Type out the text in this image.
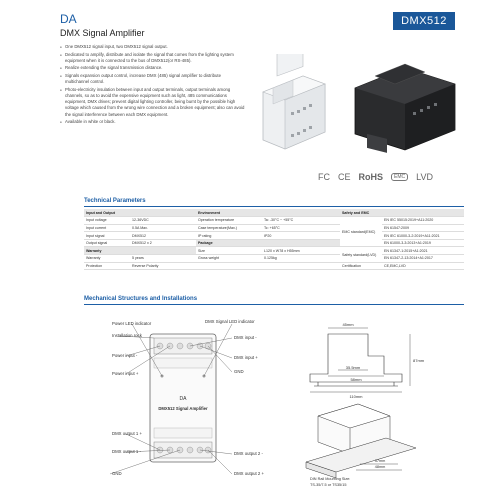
DA
DMX Signal Amplifier
DMX512
● One DMX512 signal input, two DMX512 signal output.
● Dedicated to amplify, distribute and isolate the signal that comes from the lighting system equipment when it is connected to the bus of DMX512(or RS-485).
● Realize extending the signal transmission distance.
● Signals expansion output control, increase DMX (485) signal amplifier to distribute multichannel control.
● Photo-electricity insulation between input and output terminals, output terminals among channels, so as to avoid the expensive equipment such as light, 485 communications equipment, DMX drives; prevent digital lighting controller, being burnt by the possible high voltage which caused from the wrong wire connection and a broken equipment; also can avoid the signal interference between each DMX equipment.
● Available in white or black.
FC CE RoHS	EMC	LVD
Technical Parameters
Input and Output		Environment		Safety and EMC	
Input voltage	12-36VDC	Operation temperature	Ta: -30°C ~ +55°C	EMC standard(EMC)	EN IEC 55015:2019+A11:2020
Input current	0.5A Max.	Case temperature(Max.)	Tc: +65°C		EN 61547:2009
Input signal	DMX512	IP rating	IP20		EN IEC 61000-3-2:2019+A11:2021
Output signal	DMX512 x 2	Package			EN 61000-3-3:2013+A1:2019
Warranty		Size	L120 x W78 x H55mm	Safety standard(LVD)	EN 61347-1:2015+A1:2021
Warranty	5 years	Gross weight	0.125kg		EN 61347-2-13:2014+A1:2017
Protection	Reverse Polarity			Certification	CE,EMC,LVD
Mechanical Structures and Installations
DA
DMX512 Signal Amplifier
Power LED indicator
Installation rock
Power input -
Power input +
DMX output 1 +
DMX output 1 -
GND
DMX Signal LED indicator
DMX input -
DMX input +
GND
DMX output 2 -
DMX output 2 +
45mm
87mm
35.5mm
58mm
110mm
37mm
48mm
DIN Rail Mounting Size:
TS-35/7.5 or TS35/15
